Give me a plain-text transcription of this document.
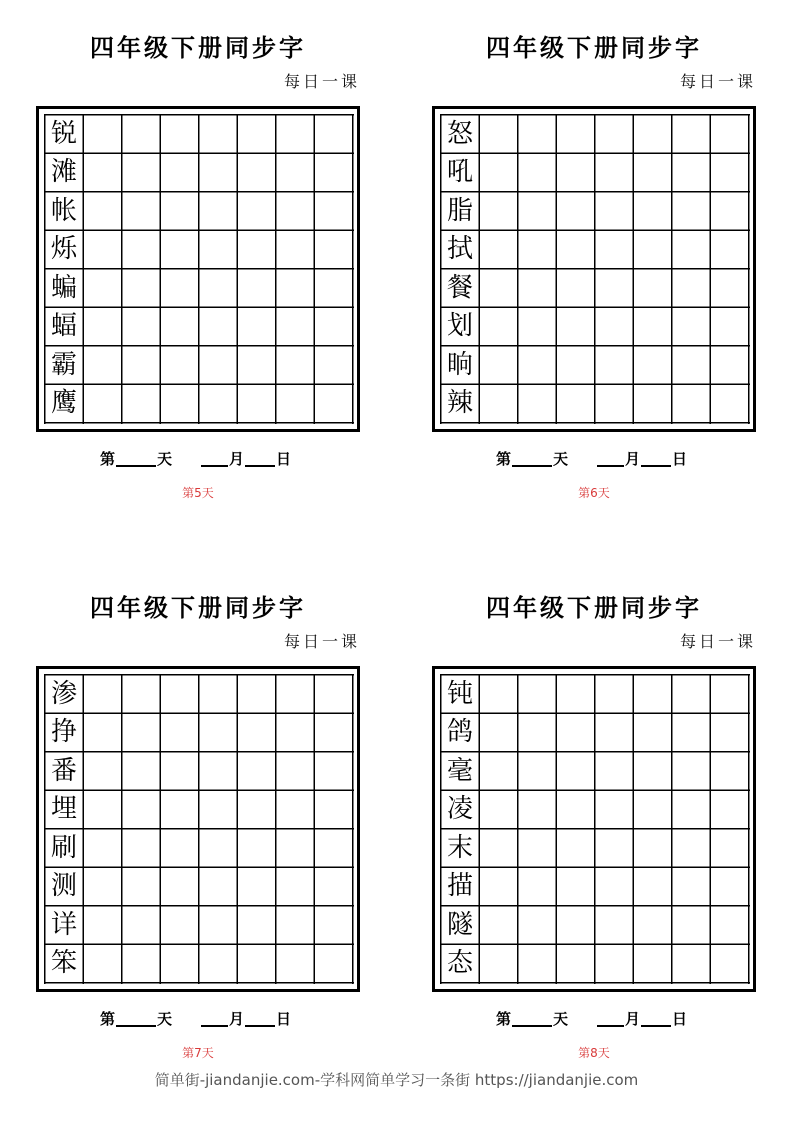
四年级下册同步字
每日一课
锐
滩
帐
烁
蝙
蝠
霸
鹰
第	天	月 日
第5天
四年级下册同步字
每日一课
怒
吼
脂
拭
餐
划
晌
辣
第	天	月 日
第6天
四年级下册同步字
每日一课
渗
挣
番
埋
刷
测
详
笨
第	天	月 日
第7天
四年级下册同步字
每日一课
钝
鸽
毫
凌
末
描
隧
态
第	天	月 日
第8天
简单街-jiandanjie.com-学科网简单学习一条街 https://jiandanjie.com
